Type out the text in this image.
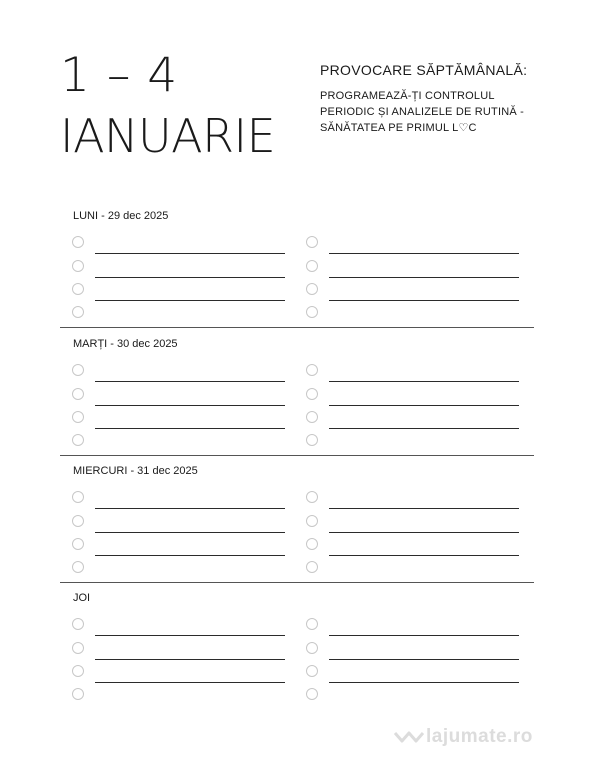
1 – 4
IANUARIE
PROVOCARE SĂPTĂMÂNALĂ:
PROGRAMEAZĂ-ȚI CONTROLUL PERIODIC ȘI ANALIZELE DE RUTINĂ - SĂNĂTATEA PE PRIMUL L♡C
LUNI - 29 dec 2025
MARȚI - 30 dec 2025
MIERCURI - 31 dec 2025
JOI
lajumate.ro
